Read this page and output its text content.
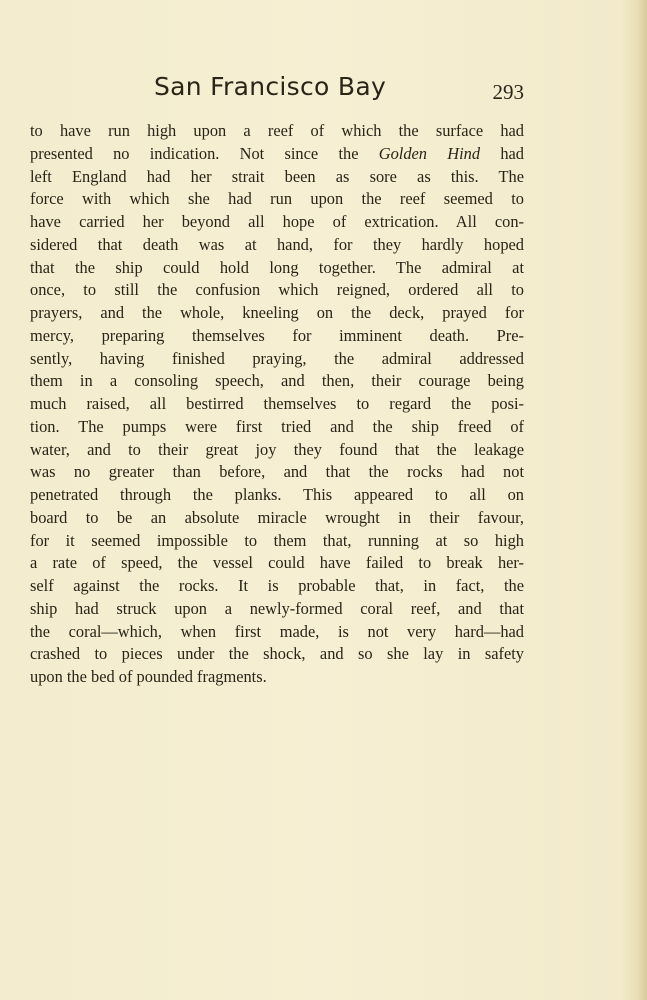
San Francisco Bay	293
to have run high upon a reef of which the surface had
presented no indication. Not since the Golden Hind had
left England had her strait been as sore as this. The
force with which she had run upon the reef seemed to
have carried her beyond all hope of extrication. All con-
sidered that death was at hand, for they hardly hoped
that the ship could hold long together. The admiral at
once, to still the confusion which reigned, ordered all to
prayers, and the whole, kneeling on the deck, prayed for
mercy, preparing themselves for imminent death. Pre-
sently, having finished praying, the admiral addressed
them in a consoling speech, and then, their courage being
much raised, all bestirred themselves to regard the posi-
tion. The pumps were first tried and the ship freed of
water, and to their great joy they found that the leakage
was no greater than before, and that the rocks had not
penetrated through the planks. This appeared to all on
board to be an absolute miracle wrought in their favour,
for it seemed impossible to them that, running at so high
a rate of speed, the vessel could have failed to break her-
self against the rocks. It is probable that, in fact, the
ship had struck upon a newly-formed coral reef, and that
the coral—which, when first made, is not very hard—had
crashed to pieces under the shock, and so she lay in safety
upon the bed of pounded fragments.
